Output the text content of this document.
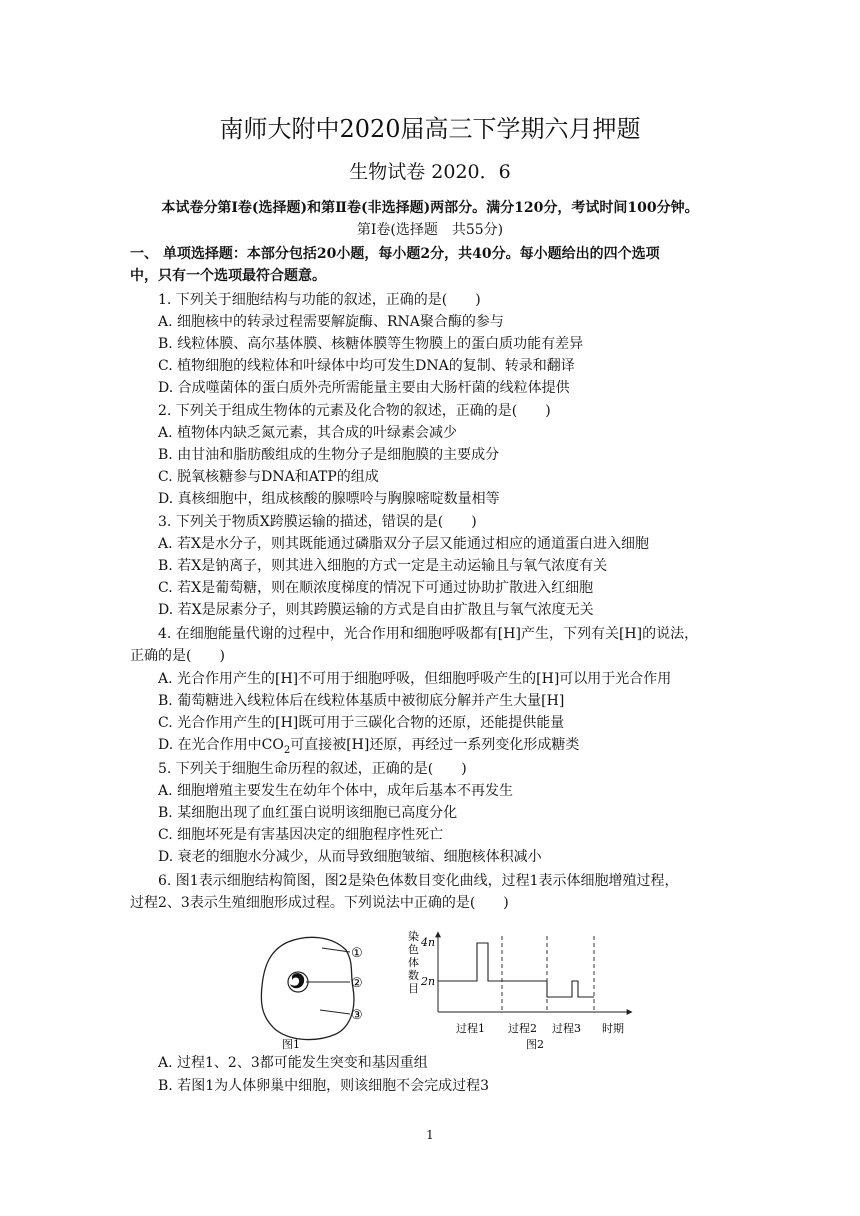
南师大附中2020届高三下学期六月押题
生物试卷 2020．6
本试卷分第Ⅰ卷(选择题)和第Ⅱ卷(非选择题)两部分。满分120分，考试时间100分钟。
第Ⅰ卷(选择题　共55分)
一、 单项选择题：本部分包括20小题，每小题2分，共40分。每小题给出的四个选项
中，只有一个选项最符合题意。
1. 下列关于细胞结构与功能的叙述，正确的是(　　)
A. 细胞核中的转录过程需要解旋酶、RNA聚合酶的参与
B. 线粒体膜、高尔基体膜、核糖体膜等生物膜上的蛋白质功能有差异
C. 植物细胞的线粒体和叶绿体中均可发生DNA的复制、转录和翻译
D. 合成噬菌体的蛋白质外壳所需能量主要由大肠杆菌的线粒体提供
2. 下列关于组成生物体的元素及化合物的叙述，正确的是(　　)
A. 植物体内缺乏氮元素，其合成的叶绿素会减少
B. 由甘油和脂肪酸组成的生物分子是细胞膜的主要成分
C. 脱氧核糖参与DNA和ATP的组成
D. 真核细胞中，组成核酸的腺嘌呤与胸腺嘧啶数量相等
3. 下列关于物质X跨膜运输的描述，错误的是(　　)
A. 若X是水分子，则其既能通过磷脂双分子层又能通过相应的通道蛋白进入细胞
B. 若X是钠离子，则其进入细胞的方式一定是主动运输且与氧气浓度有关
C. 若X是葡萄糖，则在顺浓度梯度的情况下可通过协助扩散进入红细胞
D. 若X是尿素分子，则其跨膜运输的方式是自由扩散且与氧气浓度无关
4. 在细胞能量代谢的过程中，光合作用和细胞呼吸都有[H]产生，下列有关[H]的说法，
正确的是(　　)
A. 光合作用产生的[H]不可用于细胞呼吸，但细胞呼吸产生的[H]可以用于光合作用
B. 葡萄糖进入线粒体后在线粒体基质中被彻底分解并产生大量[H]
C. 光合作用产生的[H]既可用于三碳化合物的还原，还能提供能量
D. 在光合作用中$CO_2$可直接被[H]还原，再经过一系列变化形成糖类
5. 下列关于细胞生命历程的叙述，正确的是(　　)
A. 细胞增殖主要发生在幼年个体中，成年后基本不再发生
B. 某细胞出现了血红蛋白说明该细胞已高度分化
C. 细胞坏死是有害基因决定的细胞程序性死亡
D. 衰老的细胞水分减少，从而导致细胞皱缩、细胞核体积减小
6. 图1表示细胞结构简图，图2是染色体数目变化曲线，过程1表示体细胞增殖过程，
过程2、3表示生殖细胞形成过程。下列说法中正确的是(　　)
①
②
③
图1
染
色
体
数
目
4n
2n
过程1 过程2 过程3 时期
图2
A. 过程1、2、3都可能发生突变和基因重组
B. 若图1为人体卵巢中细胞，则该细胞不会完成过程3
1
